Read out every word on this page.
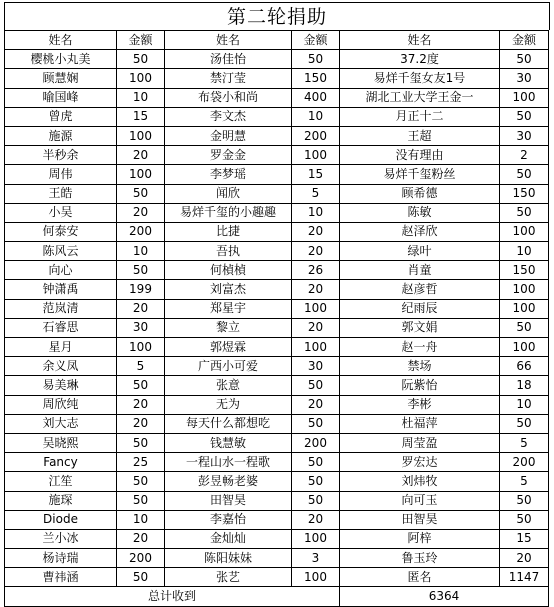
第二轮捐助
姓名	金额	姓名	金额	姓名	金额
樱桃小丸美	50	汤佳怡	50	37.2度	50
顾慧娴	100	禁汀莹	150	易烊千玺女友1号	30
喻国峰	10	布袋小和尚	400	湖北工业大学王金一	100
曾虎	15	李文杰	10	月正十二	50
施源	100	金明慧	200	王超	30
半秒余	20	罗金金	100	没有理由	2
周伟	100	李梦瑶	15	易烊千玺粉丝	50
王皓	50	闻欣	5	顾希德	150
小吴	20	易烊千玺的小趣趣	10	陈敏	50
何泰安	200	比捷	20	赵泽欣	100
陈风云	10	吾执	20	绿叶	10
向心	50	何楨楨	26	肖童	150
钟潇禹	199	刘富杰	20	赵彦哲	100
范岚清	20	郑星宇	100	纪雨辰	100
石睿思	30	黎立	20	郭文娟	50
星月	100	郭煜霖	100	赵一舟	100
余义凤	5	广西小可爱	30	禁场	66
易美琳	50	张意	50	阮紫怡	18
周欣纯	20	无为	20	李彬	10
刘大志	20	每天什么都想吃	50	杜福萍	50
吴晓熙	50	钱慧敏	200	周莹盈	5
Fancy	25	一程山水一程歌	50	罗宏达	200
江笙	50	彭昱畅老婆	50	刘炜牧	5
施琛	50	田智昊	50	向可玉	50
Diode	10	李嘉怡	20	田智昊	50
兰小冰	20	金灿灿	100	阿梓	15
杨诗瑞	200	陈阳妹妹	3	鲁玉玲	20
曹祎涵	50	张艺	100	匿名	1147
总计收到				6364	
